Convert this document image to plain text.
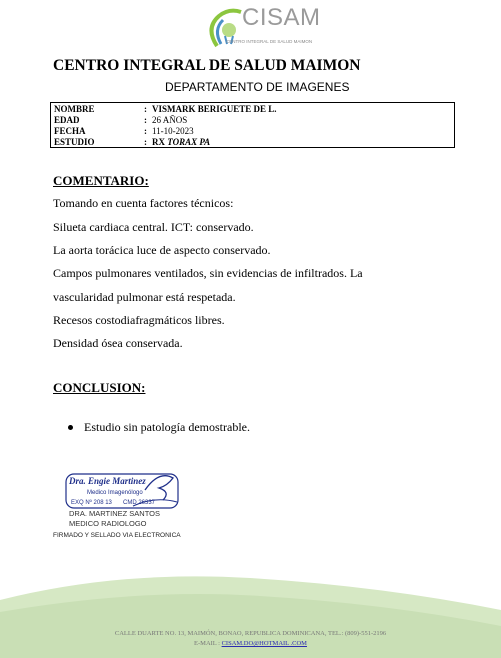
CISAM
CENTRO INTEGRAL DE SALUD MAIMON
CENTRO INTEGRAL DE SALUD MAIMON
DEPARTAMENTO DE IMAGENES
NOMBRE	: VISMARK BERIGUETE DE L.
EDAD	: 26 AÑOS
FECHA	: 11-10-2023
ESTUDIO	: RX TORAX PA
COMENTARIO:
Tomando en cuenta factores técnicos:
Silueta cardiaca central. ICT: conservado.
La aorta torácica luce de aspecto conservado.
Campos pulmonares ventilados, sin evidencias de infiltrados. La
vascularidad pulmonar está respetada.
Recesos costodiafragmáticos libres.
Densidad ósea conservada.
CONCLUSION:
Estudio sin patología demostrable.
Dra. Engie Martinez
Medico Imagenólogo
EXQ Nº 208 13 CMD 26337
DRA. MARTINEZ SANTOS
MEDICO RADIOLOGO
FIRMADO Y SELLADO VIA ELECTRONICA
CALLE DUARTE NO. 13, MAIMÓN, BONAO, REPUBLICA DOMINICANA, TEL.: (809)-551-2196
E-MAIL : CISAM.DO@HOTMAIL .COM
